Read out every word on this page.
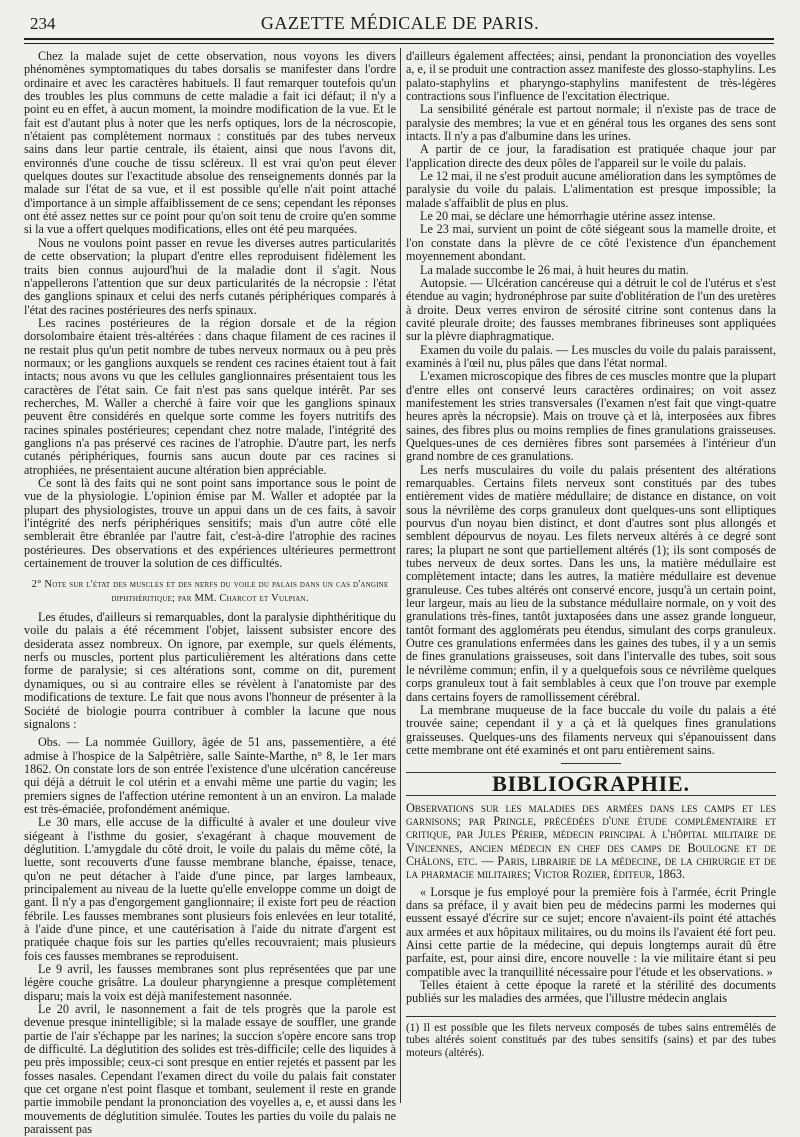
234	GAZETTE MÉDICALE DE PARIS.

Chez la malade sujet de cette observation, nous voyons les divers phénomènes symptomatiques du tabes dorsalis se manifester dans l'ordre ordinaire et avec les caractères habituels. Il faut remarquer toutefois qu'un des troubles les plus communs de cette maladie a fait ici défaut; il n'y a point eu en effet, à aucun moment, la moindre modification de la vue. Et le fait est d'autant plus à noter que les nerfs optiques, lors de la nécroscopie, n'étaient pas complètement normaux : constitués par des tubes nerveux sains dans leur partie centrale, ils étaient, ainsi que nous l'avons dit, environnés d'une couche de tissu scléreux. Il est vrai qu'on peut élever quelques doutes sur l'exactitude absolue des renseignements donnés par la malade sur l'état de sa vue, et il est possible qu'elle n'ait point attaché d'importance à un simple affaiblissement de ce sens; cependant les réponses ont été assez nettes sur ce point pour qu'on soit tenu de croire qu'en somme si la vue a offert quelques modifications, elles ont été peu marquées.

Nous ne voulons point passer en revue les diverses autres particularités de cette observation; la plupart d'entre elles reproduisent fidèlement les traits bien connus aujourd'hui de la maladie dont il s'agit. Nous n'appellerons l'attention que sur deux particularités de la nécropsie : l'état des ganglions spinaux et celui des nerfs cutanés périphériques comparés à l'état des racines postérieures des nerfs spinaux.

Les racines postérieures de la région dorsale et de la région dorsolombaire étaient très-altérées : dans chaque filament de ces racines il ne restait plus qu'un petit nombre de tubes nerveux normaux ou à peu près normaux; or les ganglions auxquels se rendent ces racines étaient tout à fait intacts; nous avons vu que les cellules ganglionnaires présentaient tous les caractères de l'état sain. Ce fait n'est pas sans quelque intérêt. Par ses recherches, M. Waller a cherché à faire voir que les ganglions spinaux peuvent être considérés en quelque sorte comme les foyers nutritifs des racines spinales postérieures; cependant chez notre malade, l'intégrité des ganglions n'a pas préservé ces racines de l'atrophie. D'autre part, les nerfs cutanés périphériques, fournis sans aucun doute par ces racines si atrophiées, ne présentaient aucune altération bien appréciable.

Ce sont là des faits qui ne sont point sans importance sous le point de vue de la physiologie. L'opinion émise par M. Waller et adoptée par la plupart des physiologistes, trouve un appui dans un de ces faits, à savoir l'intégrité des nerfs périphériques sensitifs; mais d'un autre côté elle semblerait être ébranlée par l'autre fait, c'est-à-dire l'atrophie des racines postérieures. Des observations et des expériences ultérieures permettront certainement de trouver la solution de ces difficultés.

2° Note sur l'état des muscles et des nerfs du voile du palais dans un cas d'angine diphthéritique; par MM. Charcot et Vulpian.

Les études, d'ailleurs si remarquables, dont la paralysie diphthéritique du voile du palais a été récemment l'objet, laissent subsister encore des desiderata assez nombreux. On ignore, par exemple, sur quels éléments, nerfs ou muscles, portent plus particulièrement les altérations dans cette forme de paralysie; si ces altérations sont, comme on dit, purement dynamiques, ou si au contraire elles se révèlent à l'anatomiste par des modifications de texture. Le fait que nous avons l'honneur de présenter à la Société de biologie pourra contribuer à combler la lacune que nous signalons :

Obs. — La nommée Guillory, âgée de 51 ans, passementière, a été admise à l'hospice de la Salpêtrière, salle Sainte-Marthe, n° 8, le 1er mars 1862. On constate lors de son entrée l'existence d'une ulcération cancéreuse qui déjà a détruit le col utérin et a envahi même une partie du vagin; les premiers signes de l'affection utérine remontent à un an environ. La malade est très-émaciée, profondément anémique.

Le 30 mars, elle accuse de la difficulté à avaler et une douleur vive siégeant à l'isthme du gosier, s'exagérant à chaque mouvement de déglutition. L'amygdale du côté droit, le voile du palais du même côté, la luette, sont recouverts d'une fausse membrane blanche, épaisse, tenace, qu'on ne peut détacher à l'aide d'une pince, par larges lambeaux, principalement au niveau de la luette qu'elle enveloppe comme un doigt de gant. Il n'y a pas d'engorgement ganglionnaire; il existe fort peu de réaction fébrile. Les fausses membranes sont plusieurs fois enlevées en leur totalité, à l'aide d'une pince, et une cautérisation à l'aide du nitrate d'argent est pratiquée chaque fois sur les parties qu'elles recouvraient; mais plusieurs fois ces fausses membranes se reproduisent.

Le 9 avril, les fausses membranes sont plus représentées que par une légère couche grisâtre. La douleur pharyngienne a presque complètement disparu; mais la voix est déjà manifestement nasonnée.

Le 20 avril, le nasonnement a fait de tels progrès que la parole est devenue presque inintelligible; si la malade essaye de souffler, une grande partie de l'air s'échappe par les narines; la succion s'opère encore sans trop de difficulté. La déglutition des solides est très-difficile; celle des liquides à peu près impossible; ceux-ci sont presque en entier rejetés et passent par les fosses nasales. Cependant l'examen direct du voile du palais fait constater que cet organe n'est point flasque et tombant, seulement il reste en grande partie immobile pendant la prononciation des voyelles a, e, et aussi dans les mouvements de déglutition simulée. Toutes les parties du voile du palais ne paraissent pas

d'ailleurs également affectées; ainsi, pendant la prononciation des voyelles a, e, il se produit une contraction assez manifeste des glosso-staphylins. Les palato-staphylins et pharyngo-staphylins manifestent de très-légères contractions sous l'influence de l'excitation électrique.

La sensibilité générale est partout normale; il n'existe pas de trace de paralysie des membres; la vue et en général tous les organes des sens sont intacts. Il n'y a pas d'albumine dans les urines.

A partir de ce jour, la faradisation est pratiquée chaque jour par l'application directe des deux pôles de l'appareil sur le voile du palais.

Le 12 mai, il ne s'est produit aucune amélioration dans les symptômes de paralysie du voile du palais. L'alimentation est presque impossible; la malade s'affaiblit de plus en plus.

Le 20 mai, se déclare une hémorrhagie utérine assez intense.

Le 23 mai, survient un point de côté siégeant sous la mamelle droite, et l'on constate dans la plèvre de ce côté l'existence d'un épanchement moyennement abondant.

La malade succombe le 26 mai, à huit heures du matin.

Autopsie. — Ulcération cancéreuse qui a détruit le col de l'utérus et s'est étendue au vagin; hydronéphrose par suite d'oblitération de l'un des uretères à droite. Deux verres environ de sérosité citrine sont contenus dans la cavité pleurale droite; des fausses membranes fibrineuses sont appliquées sur la plèvre diaphragmatique.

Examen du voile du palais. — Les muscles du voile du palais paraissent, examinés à l'œil nu, plus pâles que dans l'état normal.

L'examen microscopique des fibres de ces muscles montre que la plupart d'entre elles ont conservé leurs caractères ordinaires; on voit assez manifestement les stries transversales (l'examen n'est fait que vingt-quatre heures après la nécropsie). Mais on trouve çà et là, interposées aux fibres saines, des fibres plus ou moins remplies de fines granulations graisseuses. Quelques-unes de ces dernières fibres sont parsemées à l'intérieur d'un grand nombre de ces granulations.

Les nerfs musculaires du voile du palais présentent des altérations remarquables. Certains filets nerveux sont constitués par des tubes entièrement vides de matière médullaire; de distance en distance, on voit sous la névrilème des corps granuleux dont quelques-uns sont elliptiques pourvus d'un noyau bien distinct, et dont d'autres sont plus allongés et semblent dépourvus de noyau. Les filets nerveux altérés à ce degré sont rares; la plupart ne sont que partiellement altérés (1); ils sont composés de tubes nerveux de deux sortes. Dans les uns, la matière médullaire est complètement intacte; dans les autres, la matière médullaire est devenue granuleuse. Ces tubes altérés ont conservé encore, jusqu'à un certain point, leur largeur, mais au lieu de la substance médullaire normale, on y voit des granulations très-fines, tantôt juxtaposées dans une assez grande longueur, tantôt formant des agglomérats peu étendus, simulant des corps granuleux. Outre ces granulations enfermées dans les gaines des tubes, il y a un semis de fines granulations graisseuses, soit dans l'intervalle des tubes, soit sous le névrilème commun; enfin, il y a quelquefois sous ce névrilème quelques corps granuleux tout à fait semblables à ceux que l'on trouve par exemple dans certains foyers de ramollissement cérébral.

La membrane muqueuse de la face buccale du voile du palais a été trouvée saine; cependant il y a çà et là quelques fines granulations graisseuses. Quelques-uns des filaments nerveux qui s'épanouissent dans cette membrane ont été examinés et ont paru entièrement sains.

BIBLIOGRAPHIE.

Observations sur les maladies des armées dans les camps et les garnisons; par Pringle, précédées d'une étude complémentaire et critique, par Jules Périer, médecin principal à l'hôpital militaire de Vincennes, ancien médecin en chef des camps de Boulogne et de Châlons, etc. — Paris, librairie de la médecine, de la chirurgie et de la pharmacie militaires; Victor Rozier, éditeur, 1863.

« Lorsque je fus employé pour la première fois à l'armée, écrit Pringle dans sa préface, il y avait bien peu de médecins parmi les modernes qui eussent essayé d'écrire sur ce sujet; encore n'avaient-ils point été attachés aux armées et aux hôpitaux militaires, ou du moins ils l'avaient été fort peu. Ainsi cette partie de la médecine, qui depuis longtemps aurait dû être parfaite, est, pour ainsi dire, encore nouvelle : la vie militaire étant si peu compatible avec la tranquillité nécessaire pour l'étude et les observations. »

Telles étaient à cette époque la rareté et la stérilité des documents publiés sur les maladies des armées, que l'illustre médecin anglais

(1) Il est possible que les filets nerveux composés de tubes sains entremêlés de tubes altérés soient constitués par des tubes sensitifs (sains) et par des tubes moteurs (altérés).
